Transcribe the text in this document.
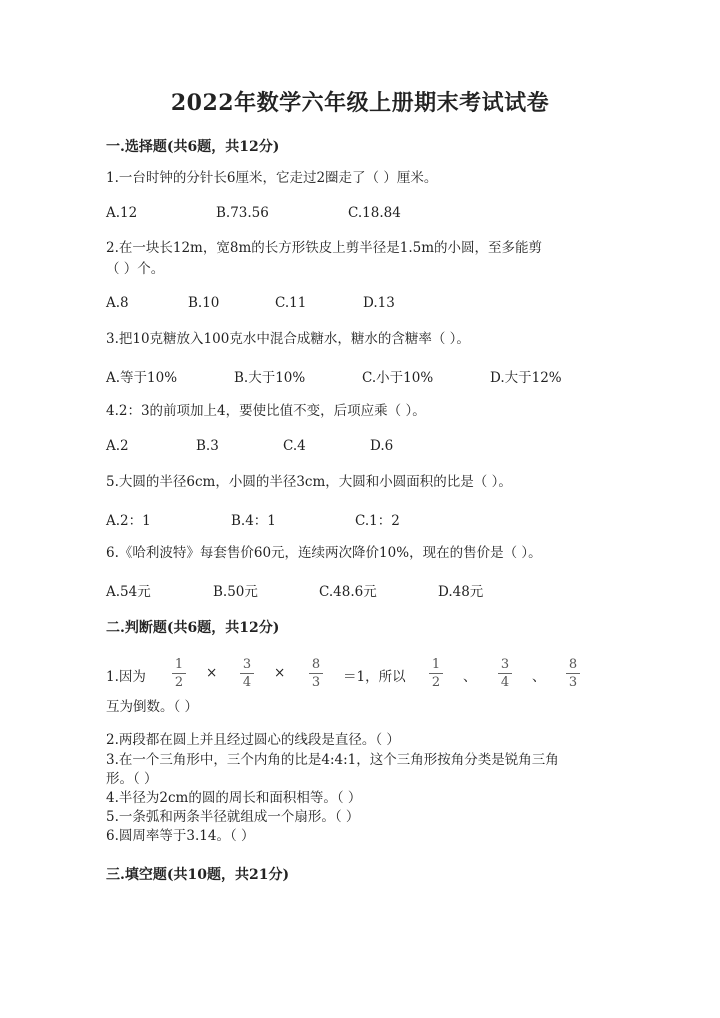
2022年数学六年级上册期末考试试卷
一.选择题(共6题，共12分)
1.一台时钟的分针长6厘米，它走过2圈走了（ ）厘米。
A.12	B.73.56	C.18.84
2.在一块长12m，宽8m的长方形铁皮上剪半径是1.5m的小圆，至多能剪
（ ）个。
A.8	B.10	C.11	D.13
3.把10克糖放入100克水中混合成糖水，糖水的含糖率（ ）。
A.等于10%	B.大于10%	C.小于10%	D.大于12%
4.2：3的前项加上4，要使比值不变，后项应乘（ ）。
A.2	B.3	C.4	D.6
5.大圆的半径6cm，小圆的半径3cm，大圆和小圆面积的比是（ ）。
A.2：1	B.4：1	C.1：2
6.《哈利波特》每套售价60元，连续两次降价10%，现在的售价是（ ）。
A.54元	B.50元	C.48.6元	D.48元
二.判断题(共6题，共12分)
1.因为
1
2
×
3
4
×
8
3 ＝1，所以
1
2 、
3
4 、
8
3
互为倒数。（ ）
2.两段都在圆上并且经过圆心的线段是直径。（ ）
3.在一个三角形中，三个内角的比是4:4:1，这个三角形按角分类是锐角三角
形。（ ）
4.半径为2cm的圆的周长和面积相等。（ ）
5.一条弧和两条半径就组成一个扇形。（ ）
6.圆周率等于3.14。（ ）
三.填空题(共10题，共21分)
